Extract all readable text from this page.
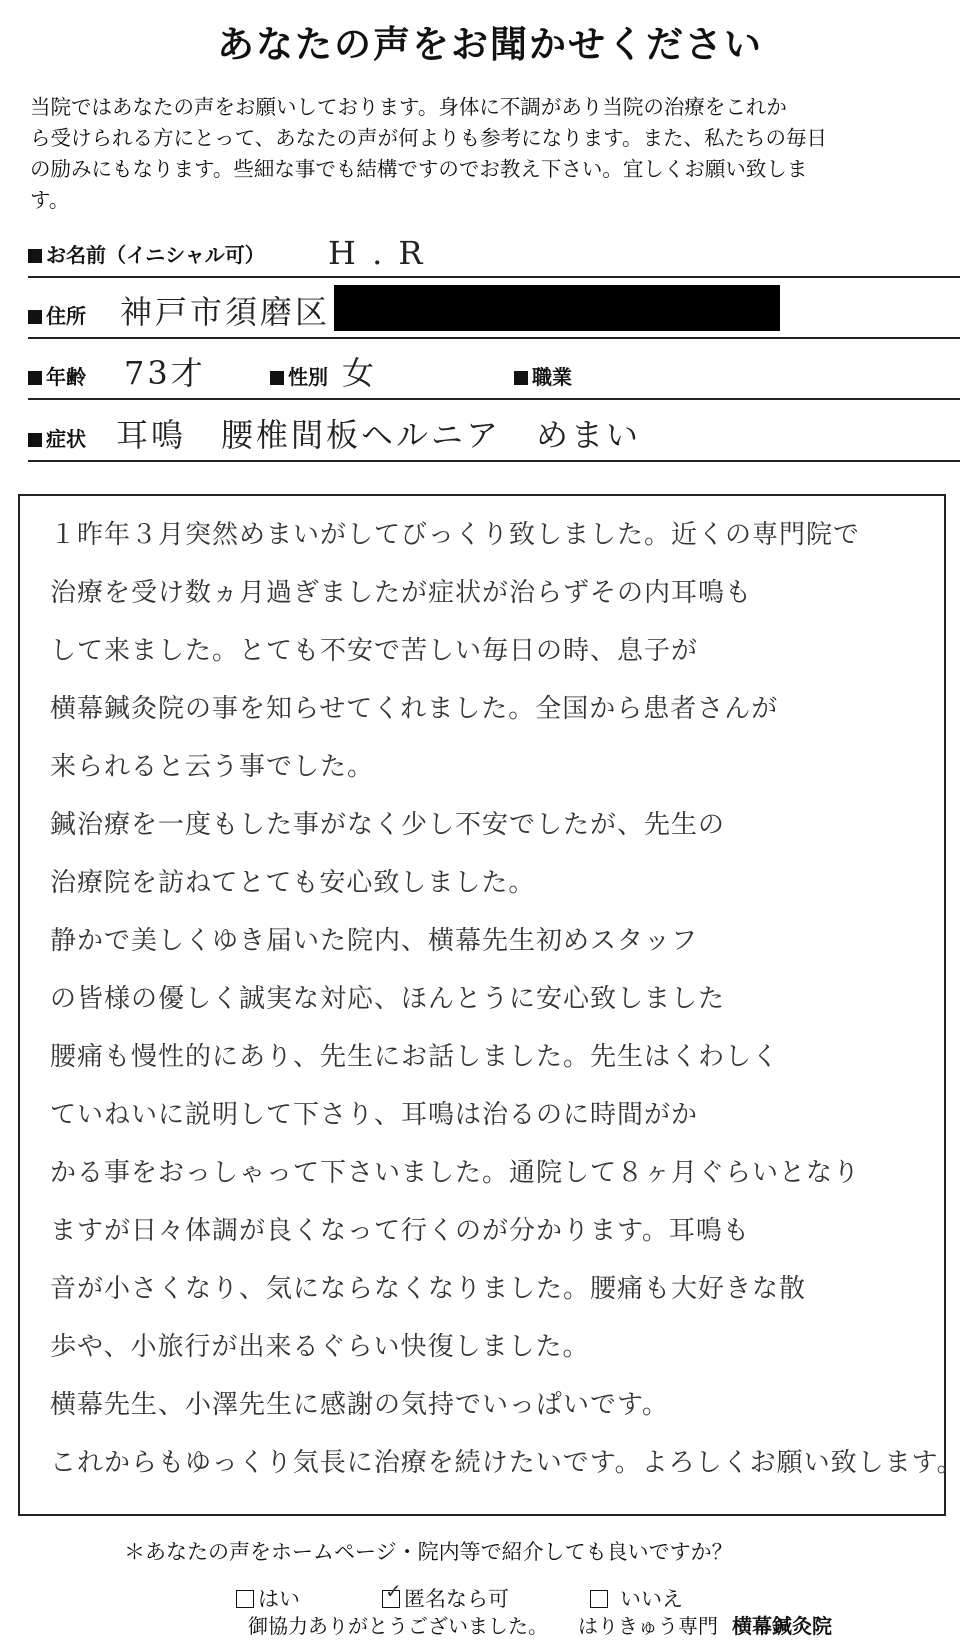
あなたの声をお聞かせください
当院ではあなたの声をお願いしております。身体に不調があり当院の治療をこれか
ら受けられる方にとって、あなたの声が何よりも参考になります。また、私たちの毎日
の励みにもなります。些細な事でも結構ですのでお教え下さい。宜しくお願い致しま
す。
お名前（イニシャル可） H . R
住所 神戸市須磨区
年齢 73才	性別 女	職業
症状 耳鳴　腰椎間板ヘルニア　めまい
１昨年３月突然めまいがしてびっくり致しました。近くの専門院で
治療を受け数ヵ月過ぎましたが症状が治らずその内耳鳴も
して来ました。とても不安で苦しい毎日の時、息子が
横幕鍼灸院の事を知らせてくれました。全国から患者さんが
来られると云う事でした。
鍼治療を一度もした事がなく少し不安でしたが、先生の
治療院を訪ねてとても安心致しました。
静かで美しくゆき届いた院内、横幕先生初めスタッフ
の皆様の優しく誠実な対応、ほんとうに安心致しました
腰痛も慢性的にあり、先生にお話しました。先生はくわしく
ていねいに説明して下さり、耳鳴は治るのに時間がか
かる事をおっしゃって下さいました。通院して８ヶ月ぐらいとなり
ますが日々体調が良くなって行くのが分かります。耳鳴も
音が小さくなり、気にならなくなりました。腰痛も大好きな散
歩や、小旅行が出来るぐらい快復しました。
横幕先生、小澤先生に感謝の気持でいっぱいです。
これからもゆっくり気長に治療を続けたいです。よろしくお願い致します。
＊あなたの声をホームページ・院内等で紹介しても良いですか？
はい	✓ 匿名なら可	いいえ
御協力ありがとうございました。 はりきゅう専門 横幕鍼灸院
